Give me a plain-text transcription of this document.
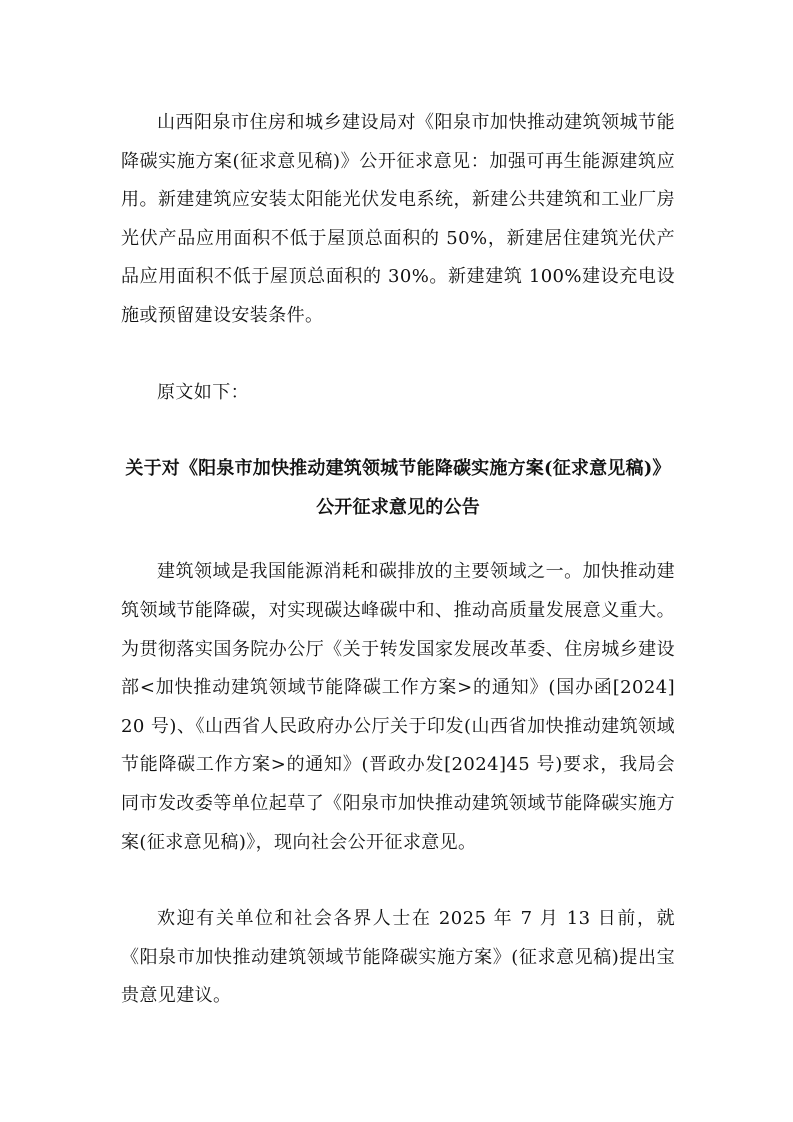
山西阳泉市住房和城乡建设局对《阳泉市加快推动建筑领城节能降碳实施方案(征求意见稿)》公开征求意见：加强可再生能源建筑应用。新建建筑应安装太阳能光伏发电系统，新建公共建筑和工业厂房光伏产品应用面积不低于屋顶总面积的 50%，新建居住建筑光伏产品应用面积不低于屋顶总面积的 30%。新建建筑 100%建设充电设施或预留建设安装条件。

原文如下：

关于对《阳泉市加快推动建筑领城节能降碳实施方案(征求意见稿)》

公开征求意见的公告

建筑领域是我国能源消耗和碳排放的主要领域之一。加快推动建筑领域节能降碳，对实现碳达峰碳中和、推动高质量发展意义重大。为贯彻落实国务院办公厅《关于转发国家发展改革委、住房城乡建设部<加快推动建筑领域节能降碳工作方案>的通知》(国办函[2024]20 号)、《山西省人民政府办公厅关于印发(山西省加快推动建筑领域节能降碳工作方案>的通知》(晋政办发[2024]45 号)要求，我局会同市发改委等单位起草了《阳泉市加快推动建筑领域节能降碳实施方案(征求意见稿)》，现向社会公开征求意见。

欢迎有关单位和社会各界人士在 2025 年 7 月 13 日前，就《阳泉市加快推动建筑领域节能降碳实施方案》(征求意见稿)提出宝贵意见建议。
